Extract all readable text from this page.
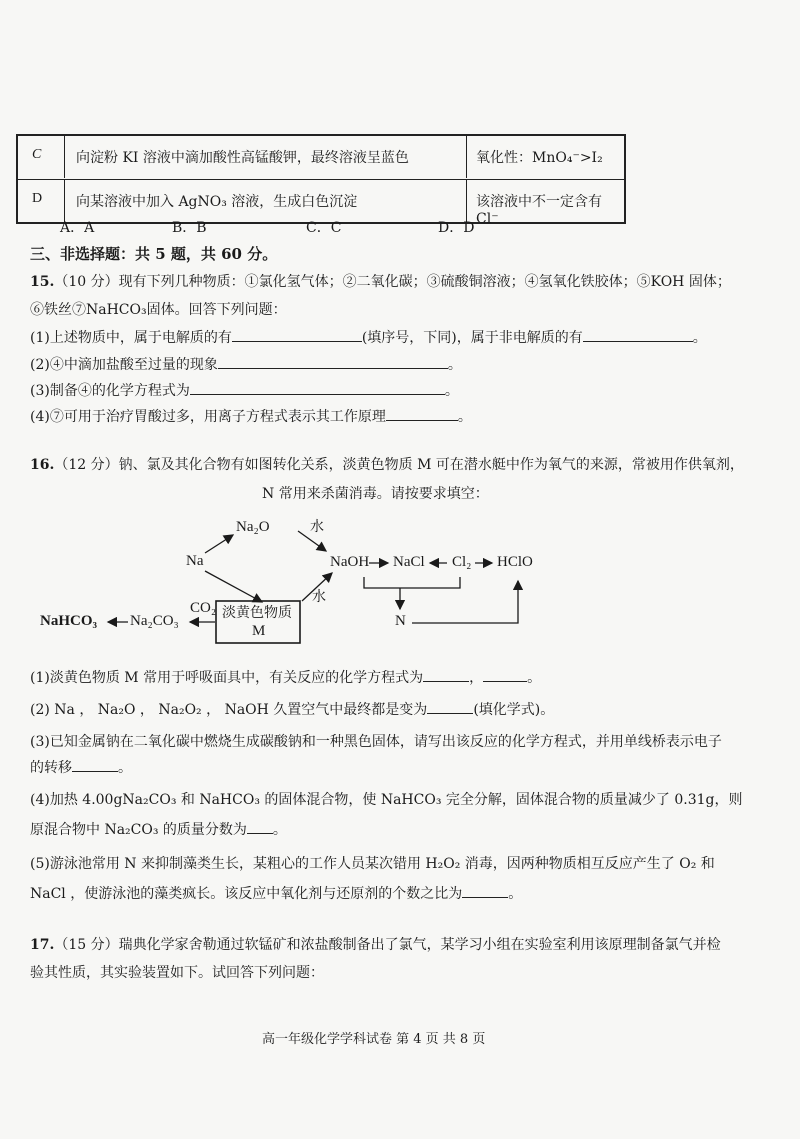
C 向淀粉 KI 溶液中滴加酸性高锰酸钾，最终溶液呈蓝色	氧化性：MnO₄⁻>I₂
D 向某溶液中加入 AgNO₃ 溶液，生成白色沉淀	该溶液中不一定含有 Cl⁻
A．A	B．B	C．C	D．D
三、非选择题：共 5 题，共 60 分。
15.（10 分）现有下列几种物质：①氯化氢气体；②二氧化碳；③硫酸铜溶液；④氢氧化铁胶体；⑤KOH 固体；
⑥铁丝⑦NaHCO₃固体。回答下列问题：
(1)上述物质中，属于电解质的有	(填序号，下同)，属于非电解质的有	。
(2)④中滴加盐酸至过量的现象	。
(3)制备④的化学方程式为	。
(4)⑦可用于治疗胃酸过多，用离子方程式表示其工作原理	。
16.（12 分）钠、氯及其化合物有如图转化关系，淡黄色物质 M 可在潜水艇中作为氧气的来源，常被用作供氧剂，
N 常用来杀菌消毒。请按要求填空：
Na₂O	水
Na	NaOH NaCl Cl₂ HClO
水
CO₂ 淡黄色物质
M
NaHCO₃ Na₂CO₃	N
(1)淡黄色物质 M 常用于呼吸面具中，有关反应的化学方程式为	，	。
(2) Na ， Na₂O ， Na₂O₂ ， NaOH 久置空气中最终都是变为	(填化学式)。
(3)已知金属钠在二氧化碳中燃烧生成碳酸钠和一种黑色固体，请写出该反应的化学方程式，并用单线桥表示电子
的转移	。
(4)加热 4.00gNa₂CO₃ 和 NaHCO₃ 的固体混合物，使 NaHCO₃ 完全分解，固体混合物的质量减少了 0.31g，则
原混合物中 Na₂CO₃ 的质量分数为 。
(5)游泳池常用 N 来抑制藻类生长，某粗心的工作人员某次错用 H₂O₂ 消毒，因两种物质相互反应产生了 O₂ 和
NaCl ，使游泳池的藻类疯长。该反应中氧化剂与还原剂的个数之比为	。
17.（15 分）瑞典化学家舍勒通过软锰矿和浓盐酸制备出了氯气，某学习小组在实验室利用该原理制备氯气并检
验其性质，其实验装置如下。试回答下列问题：
高一年级化学学科试卷 第 4 页 共 8 页
